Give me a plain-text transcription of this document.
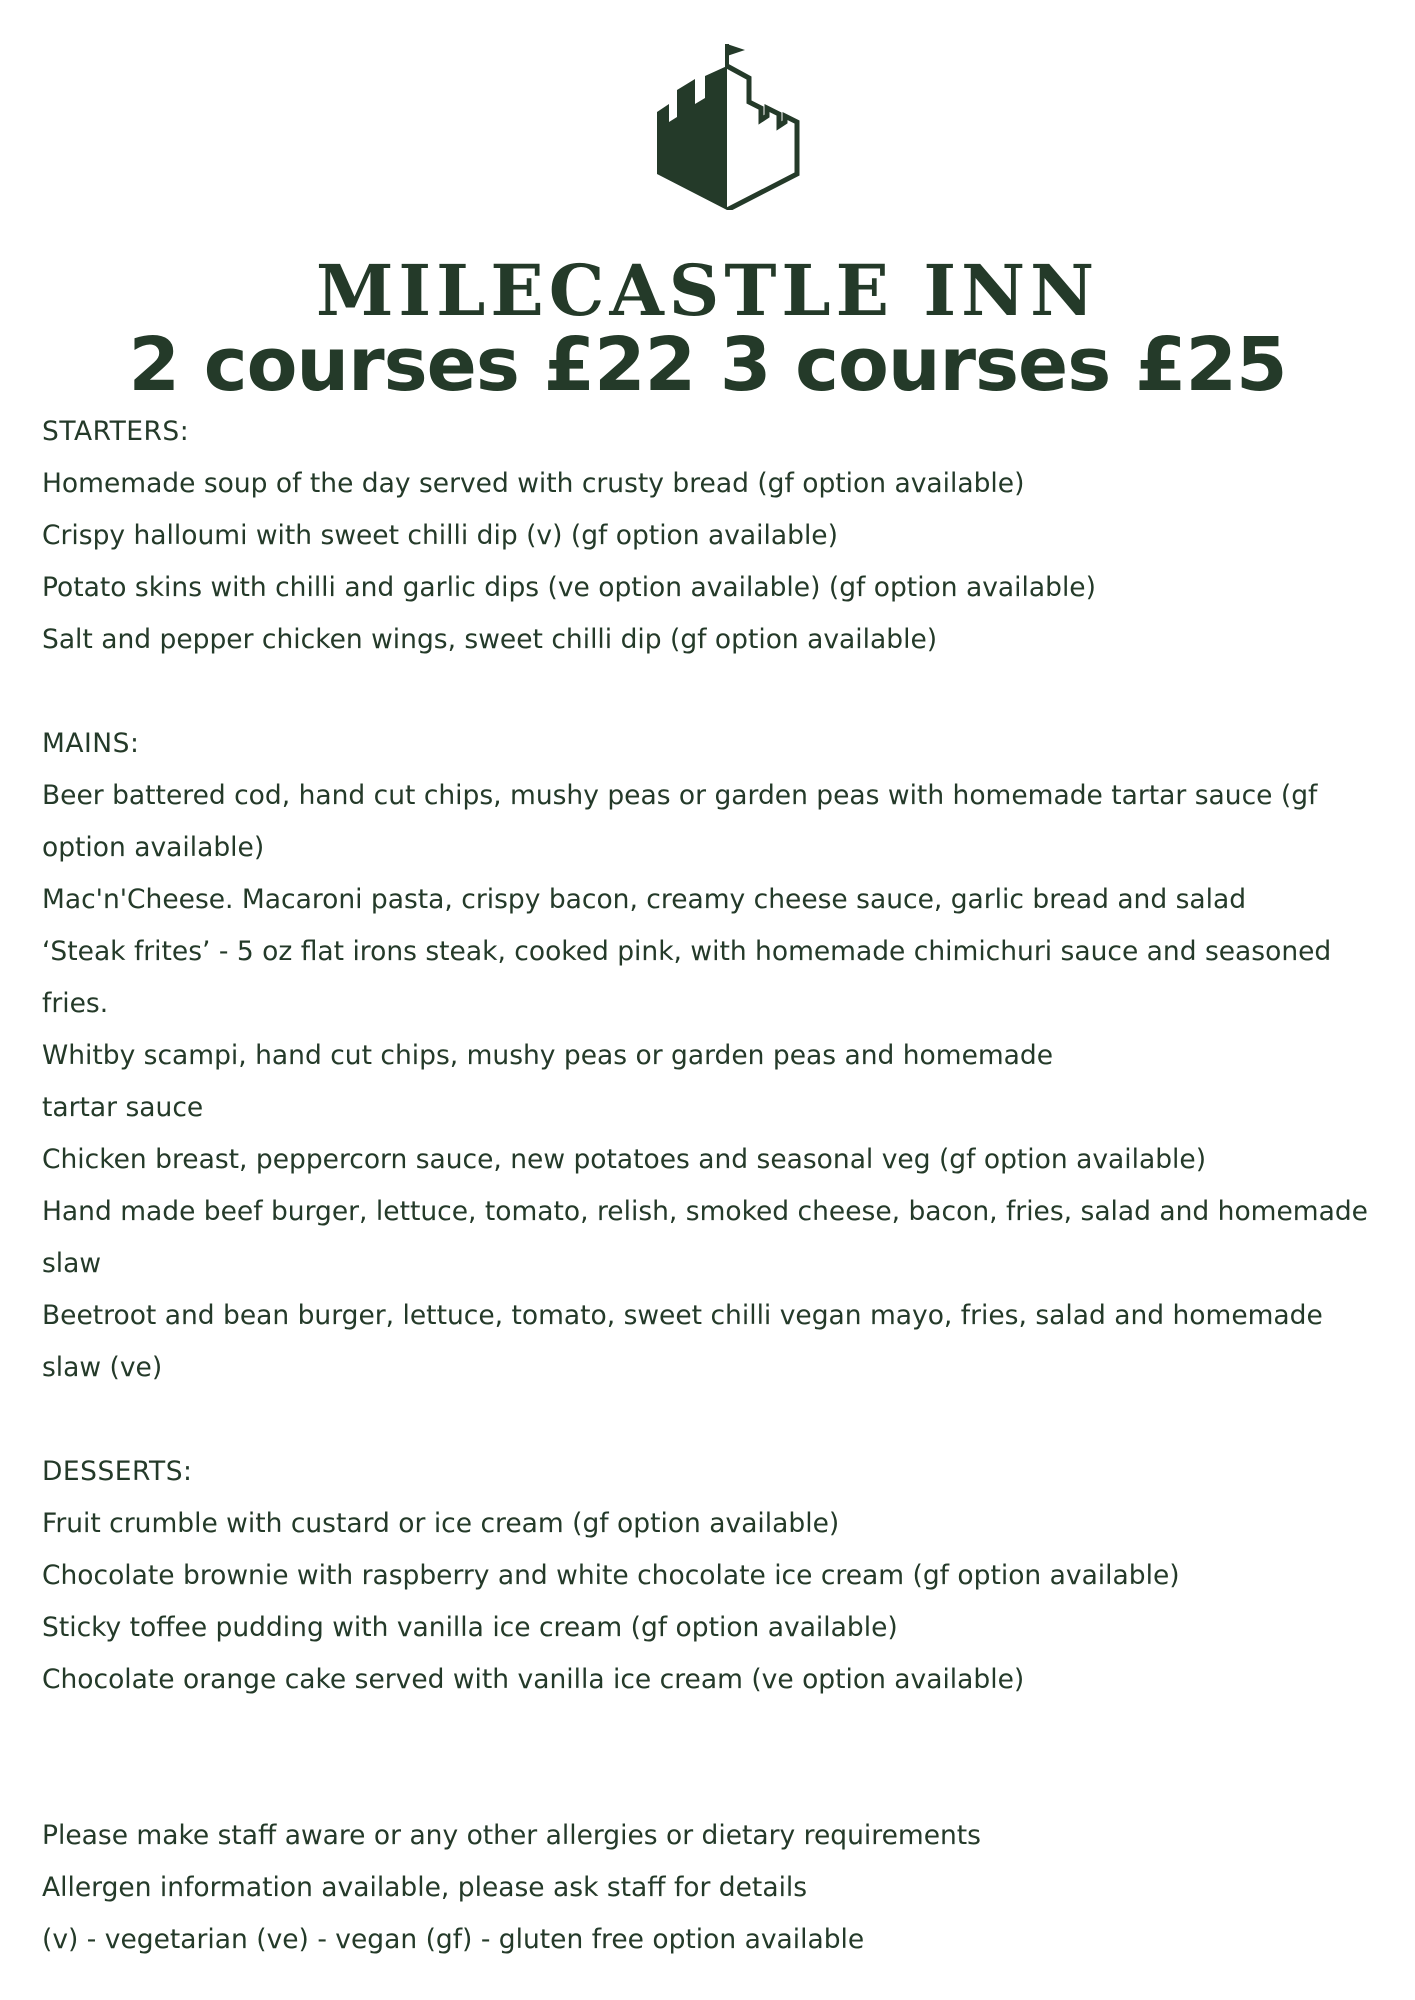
MILECASTLE INN
2 courses £22 3 courses £25

STARTERS:

Homemade soup of the day served with crusty bread (gf option available)

Crispy halloumi with sweet chilli dip (v) (gf option available)

Potato skins with chilli and garlic dips (ve option available) (gf option available)

Salt and pepper chicken wings, sweet chilli dip (gf option available)

MAINS:

Beer battered cod, hand cut chips, mushy peas or garden peas with homemade tartar sauce (gf option available)

Mac'n'Cheese. Macaroni pasta, crispy bacon, creamy cheese sauce, garlic bread and salad

‘Steak frites’ - 5 oz flat irons steak, cooked pink, with homemade chimichuri sauce and seasoned fries.

Whitby scampi, hand cut chips, mushy peas or garden peas and homemade

tartar sauce

Chicken breast, peppercorn sauce, new potatoes and seasonal veg (gf option available)

Hand made beef burger, lettuce, tomato, relish, smoked cheese, bacon, fries, salad and homemade slaw

Beetroot and bean burger, lettuce, tomato, sweet chilli vegan mayo, fries, salad and homemade slaw (ve)

DESSERTS:

Fruit crumble with custard or ice cream (gf option available)

Chocolate brownie with raspberry and white chocolate ice cream (gf option available)

Sticky toffee pudding with vanilla ice cream (gf option available)

Chocolate orange cake served with vanilla ice cream (ve option available)

Please make staff aware or any other allergies or dietary requirements

Allergen information available, please ask staff for details

(v) - vegetarian (ve) - vegan (gf) - gluten free option available
